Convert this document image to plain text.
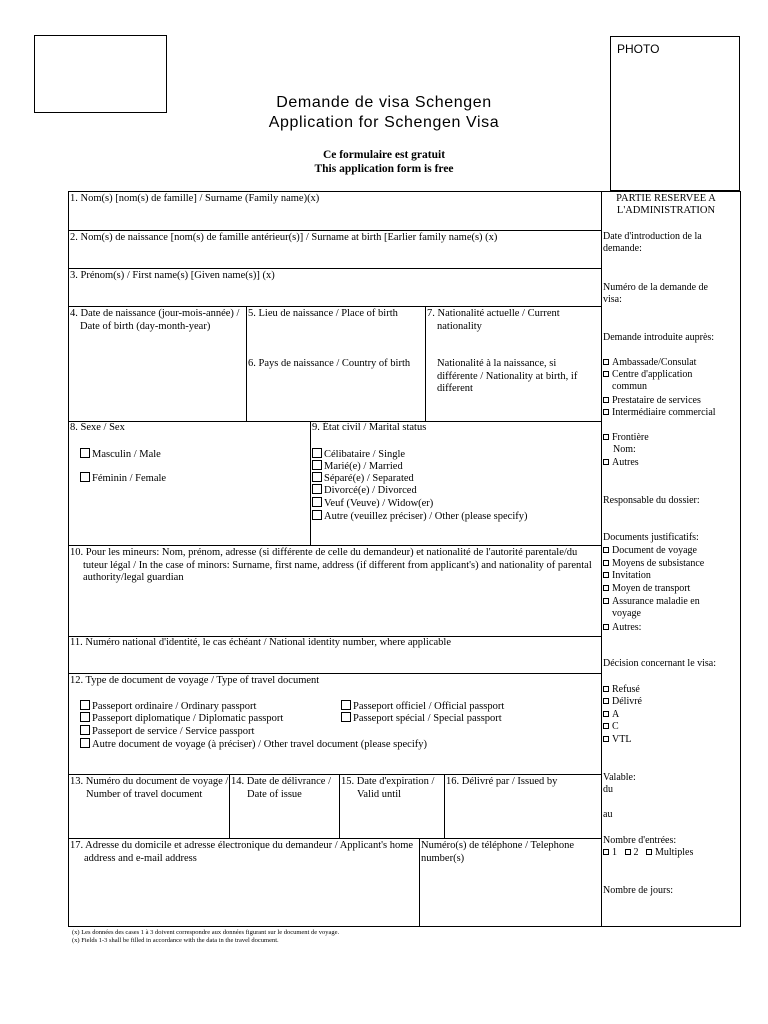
PHOTO
Demande de visa Schengen
Application for Schengen Visa
Ce formulaire est gratuit
This application form is free
1. Nom(s) [nom(s) de famille] / Surname (Family name)(x)
2. Nom(s) de naissance [nom(s) de famille antérieur(s)] / Surname at birth [Earlier family name(s) (x)
3. Prénom(s) / First name(s) [Given name(s)] (x)
4. Date de naissance (jour-mois-année) / Date of birth (day-month-year)
5. Lieu de naissance / Place of birth
6. Pays de naissance / Country of birth
7. Nationalité actuelle / Current nationality
Nationalité à la naissance, si différente / Nationality at birth, if different
8. Sexe / Sex
Masculin / Male
Féminin / Female
9. État civil / Marital status
Célibataire / Single
Marié(e) / Married
Séparé(e) / Separated
Divorcé(e) / Divorced
Veuf (Veuve) / Widow(er)
Autre (veuillez préciser) / Other (please specify)
10. Pour les mineurs: Nom, prénom, adresse (si différente de celle du demandeur) et nationalité de l'autorité parentale/du tuteur légal / In the case of minors: Surname, first name, address (if different from applicant's) and nationality of parental authority/legal guardian
11. Numéro national d'identité, le cas échéant / National identity number, where applicable
12. Type de document de voyage / Type of travel document
Passeport ordinaire / Ordinary passport	Passeport officiel / Official passport
Passeport diplomatique / Diplomatic passport	Passeport spécial / Special passport
Passeport de service / Service passport
Autre document de voyage (à préciser) / Other travel document (please specify)
13. Numéro du document de voyage / Number of travel document
14. Date de délivrance / Date of issue
15. Date d'expiration / Valid until
16. Délivré par / Issued by
17. Adresse du domicile et adresse électronique du demandeur / Applicant's home address and e-mail address
Numéro(s) de téléphone / Telephone number(s)
(x) Les données des cases 1 à 3 doivent correspondre aux données figurant sur le document de voyage.
(x) Fields 1-3 shall be filled in accordance with the data in the travel document.
PARTIE RESERVEE A L'ADMINISTRATION
Date d'introduction de la demande:
Numéro de la demande de visa:
Demande introduite auprès:
Ambassade/Consulat
Centre d'application commun
Prestataire de services
Intermédiaire commercial
Frontière
Nom:
Autres
Responsable du dossier:
Documents justificatifs:
Document de voyage
Moyens de subsistance
Invitation
Moyen de transport
Assurance maladie en voyage
Autres:
Décision concernant le visa:
Refusé
Délivré
A
C
VTL
Valable:
du
au
Nombre d'entrées:
1 2 Multiples
Nombre de jours:
